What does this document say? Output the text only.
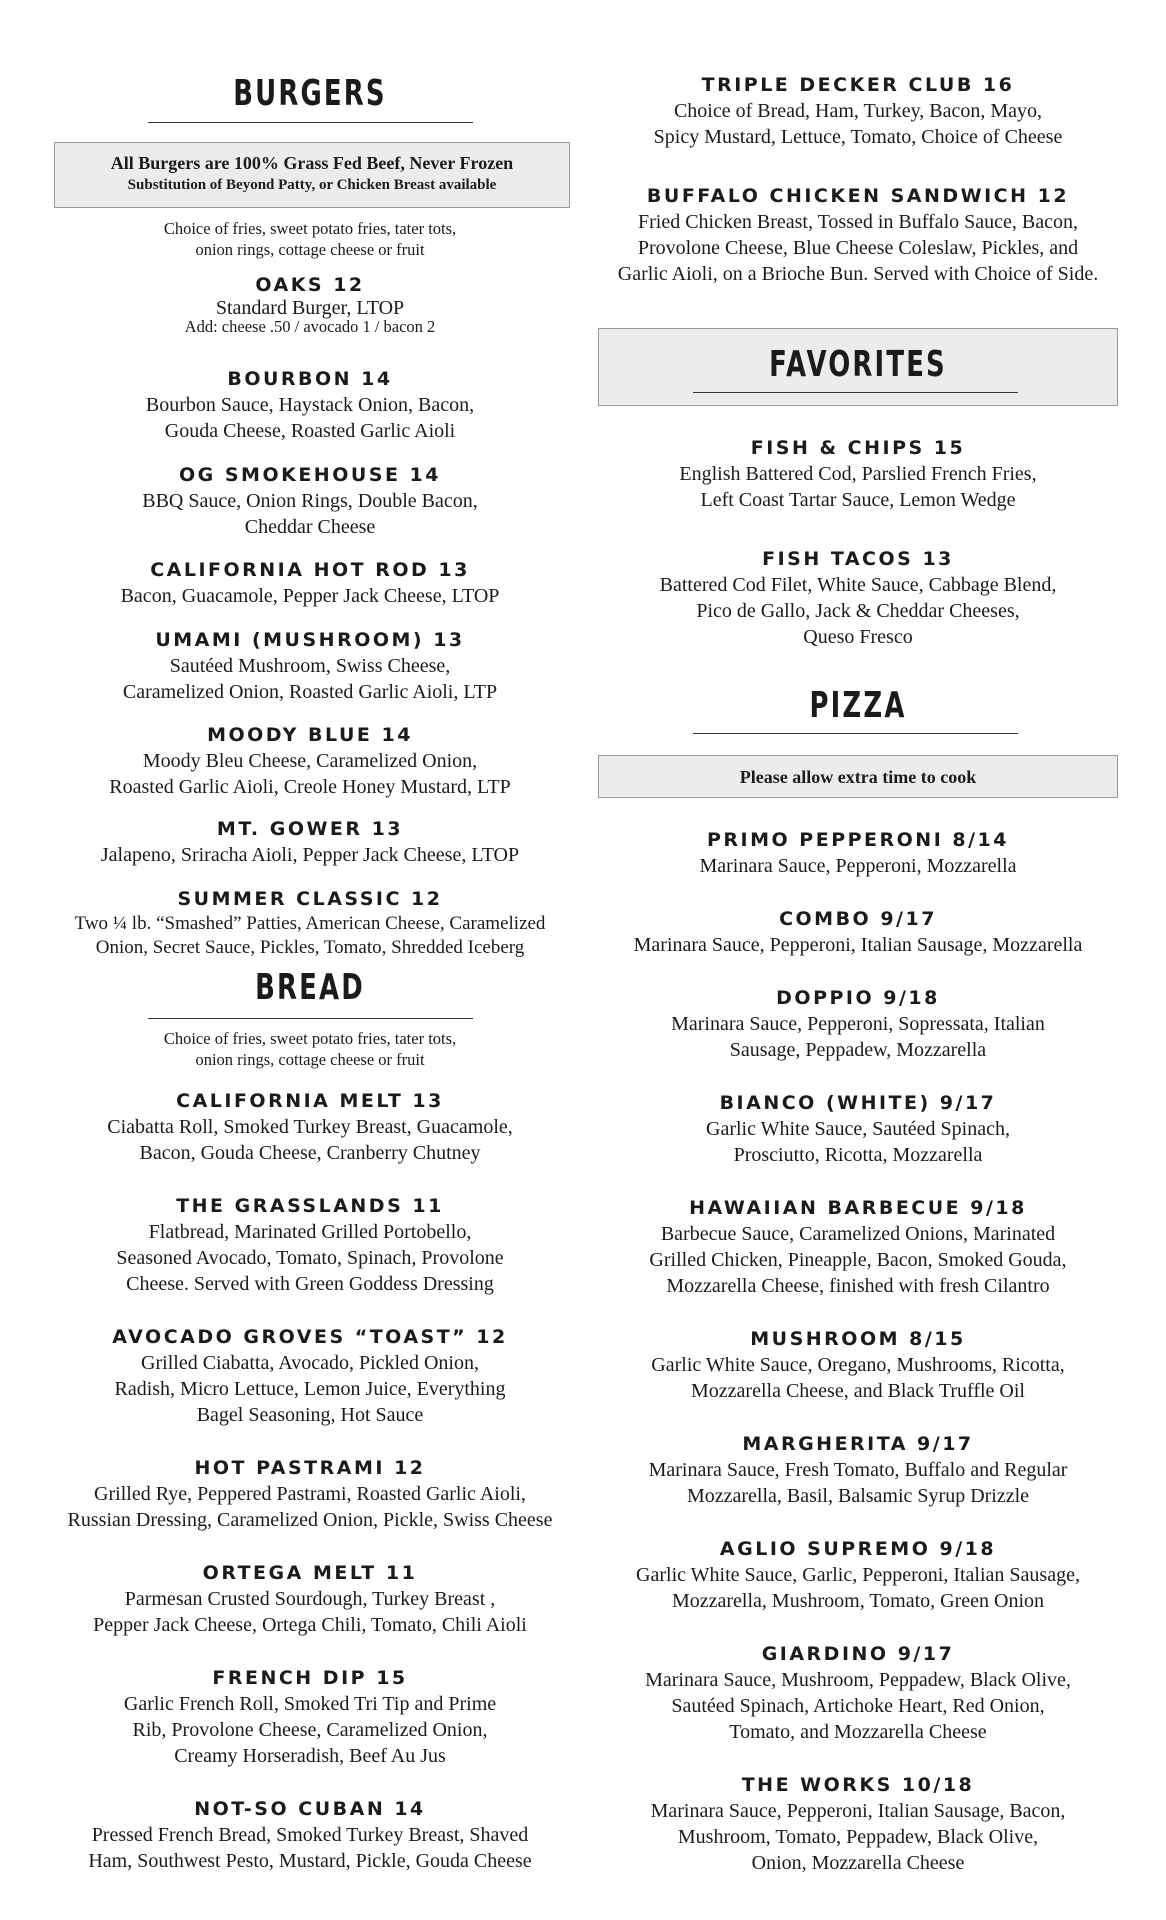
BURGERS
All Burgers are 100% Grass Fed Beef, Never Frozen
Substitution of Beyond Patty, or Chicken Breast available
Choice of fries, sweet potato fries, tater tots,
onion rings, cottage cheese or fruit
OAKS 12
Standard Burger, LTOP
Add: cheese .50 / avocado 1 / bacon 2
BOURBON 14
Bourbon Sauce, Haystack Onion, Bacon,
Gouda Cheese, Roasted Garlic Aioli
OG SMOKEHOUSE 14
BBQ Sauce, Onion Rings, Double Bacon,
Cheddar Cheese
CALIFORNIA HOT ROD 13
Bacon, Guacamole, Pepper Jack Cheese, LTOP
UMAMI (MUSHROOM) 13
Sautéed Mushroom, Swiss Cheese,
Caramelized Onion, Roasted Garlic Aioli, LTP
MOODY BLUE 14
Moody Bleu Cheese, Caramelized Onion,
Roasted Garlic Aioli, Creole Honey Mustard, LTP
MT. GOWER 13
Jalapeno, Sriracha Aioli, Pepper Jack Cheese, LTOP
SUMMER CLASSIC 12
Two ¼ lb. “Smashed” Patties, American Cheese, Caramelized
Onion, Secret Sauce, Pickles, Tomato, Shredded Iceberg
BREAD
Choice of fries, sweet potato fries, tater tots,
onion rings, cottage cheese or fruit
CALIFORNIA MELT 13
Ciabatta Roll, Smoked Turkey Breast, Guacamole,
Bacon, Gouda Cheese, Cranberry Chutney
THE GRASSLANDS 11
Flatbread, Marinated Grilled Portobello,
Seasoned Avocado, Tomato, Spinach, Provolone
Cheese. Served with Green Goddess Dressing
AVOCADO GROVES “TOAST” 12
Grilled Ciabatta, Avocado, Pickled Onion,
Radish, Micro Lettuce, Lemon Juice, Everything
Bagel Seasoning, Hot Sauce
HOT PASTRAMI 12
Grilled Rye, Peppered Pastrami, Roasted Garlic Aioli,
Russian Dressing, Caramelized Onion, Pickle, Swiss Cheese
ORTEGA MELT 11
Parmesan Crusted Sourdough, Turkey Breast ,
Pepper Jack Cheese, Ortega Chili, Tomato, Chili Aioli
FRENCH DIP 15
Garlic French Roll, Smoked Tri Tip and Prime
Rib, Provolone Cheese, Caramelized Onion,
Creamy Horseradish, Beef Au Jus
NOT-SO CUBAN 14
Pressed French Bread, Smoked Turkey Breast, Shaved
Ham, Southwest Pesto, Mustard, Pickle, Gouda Cheese
TRIPLE DECKER CLUB 16
Choice of Bread, Ham, Turkey, Bacon, Mayo,
Spicy Mustard, Lettuce, Tomato, Choice of Cheese
BUFFALO CHICKEN SANDWICH 12
Fried Chicken Breast, Tossed in Buffalo Sauce, Bacon,
Provolone Cheese, Blue Cheese Coleslaw, Pickles, and
Garlic Aioli, on a Brioche Bun. Served with Choice of Side.
FAVORITES
FISH & CHIPS 15
English Battered Cod, Parslied French Fries,
Left Coast Tartar Sauce, Lemon Wedge
FISH TACOS 13
Battered Cod Filet, White Sauce, Cabbage Blend,
Pico de Gallo, Jack & Cheddar Cheeses,
Queso Fresco
PIZZA
Please allow extra time to cook
PRIMO PEPPERONI 8/14
Marinara Sauce, Pepperoni, Mozzarella
COMBO 9/17
Marinara Sauce, Pepperoni, Italian Sausage, Mozzarella
DOPPIO 9/18
Marinara Sauce, Pepperoni, Sopressata, Italian
Sausage, Peppadew, Mozzarella
BIANCO (WHITE) 9/17
Garlic White Sauce, Sautéed Spinach,
Prosciutto, Ricotta, Mozzarella
HAWAIIAN BARBECUE 9/18
Barbecue Sauce, Caramelized Onions, Marinated
Grilled Chicken, Pineapple, Bacon, Smoked Gouda,
Mozzarella Cheese, finished with fresh Cilantro
MUSHROOM 8/15
Garlic White Sauce, Oregano, Mushrooms, Ricotta,
Mozzarella Cheese, and Black Truffle Oil
MARGHERITA 9/17
Marinara Sauce, Fresh Tomato, Buffalo and Regular
Mozzarella, Basil, Balsamic Syrup Drizzle
AGLIO SUPREMO 9/18
Garlic White Sauce, Garlic, Pepperoni, Italian Sausage,
Mozzarella, Mushroom, Tomato, Green Onion
GIARDINO 9/17
Marinara Sauce, Mushroom, Peppadew, Black Olive,
Sautéed Spinach, Artichoke Heart, Red Onion,
Tomato, and Mozzarella Cheese
THE WORKS 10/18
Marinara Sauce, Pepperoni, Italian Sausage, Bacon,
Mushroom, Tomato, Peppadew, Black Olive,
Onion, Mozzarella Cheese
